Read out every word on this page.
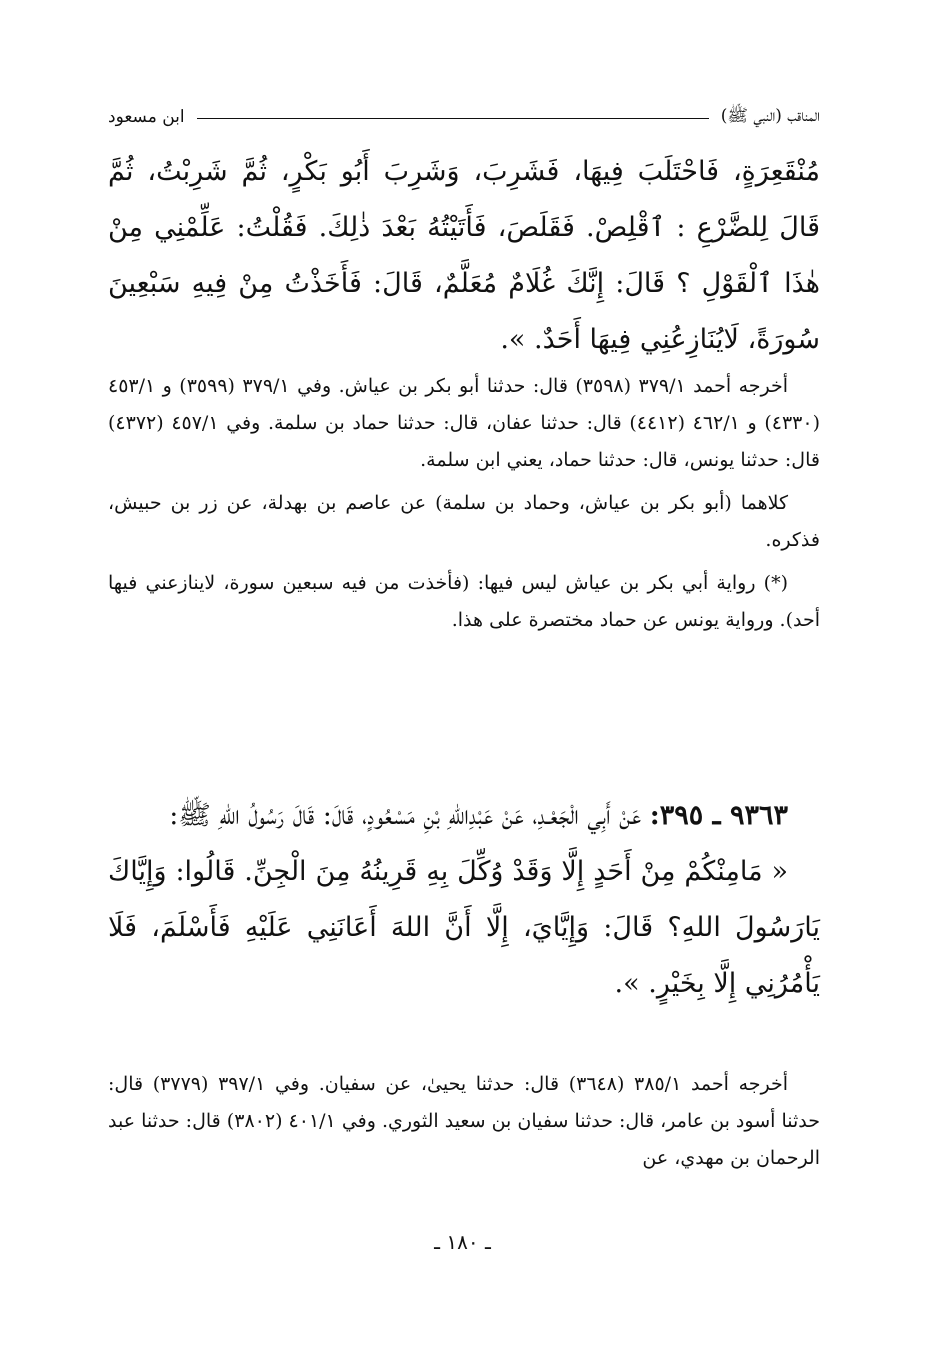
المناقب (النبي ﷺ)
ابن مسعود

مُنْقَعِرَةٍ، فَاحْتَلَبَ فِيهَا، فَشَرِبَ، وَشَرِبَ أَبُو بَكْرٍ، ثُمَّ شَرِبْتُ، ثُمَّ قَالَ لِلضَّرْعِ : ٱقْلِصْ. فَقَلَصَ، فَأَتَيْتُهُ بَعْدَ ذٰلِكَ. فَقُلْتُ: عَلِّمْنِي مِنْ هٰذَا ٱلْقَوْلِ ؟ قَالَ: إِنَّكَ غُلَامٌ مُعَلَّمٌ، قَالَ: فَأَخَذْتُ مِنْ فِيهِ سَبْعِينَ سُورَةً، لَايُنَازِعُنِي فِيهَا أَحَدٌ. ».

أخرجه أحمد ٣٧٩/١ (٣٥٩٨) قال: حدثنا أبو بكر بن عياش. وفي ٣٧٩/١ (٣٥٩٩) و ٤٥٣/١ (٤٣٣٠) و ٤٦٢/١ (٤٤١٢) قال: حدثنا عفان، قال: حدثنا حماد بن سلمة. وفي ٤٥٧/١ (٤٣٧٢) قال: حدثنا يونس، قال: حدثنا حماد، يعني ابن سلمة.

كلاهما (أبو بكر بن عياش، وحماد بن سلمة) عن عاصم بن بهدلة، عن زر بن حبيش، فذكره.

(*) رواية أبي بكر بن عياش ليس فيها: (فأخذت من فيه سبعين سورة، لاينازعني فيها أحد). ورواية يونس عن حماد مختصرة على هذا.

٩٣٦٣ ـ ٣٩٥: عَنْ أَبِي الْجَعْـدِ، عَنْ عَبْدِاللهِ بْنِ مَسْعُودٍ، قَالَ: قَالَ رَسُولُ اللهِ ﷺ:

« مَامِنْكُمْ مِنْ أَحَدٍ إِلَّا وَقَدْ وُكِّلَ بِهِ قَرِينُهُ مِنَ الْجِنِّ. قَالُوا: وَإِيَّاكَ يَارَسُولَ اللهِ؟ قَالَ: وَإِيَّايَ، إِلَّا أَنَّ اللهَ أَعَانَنِي عَلَيْهِ فَأَسْلَمَ، فَلَا يَأْمُرُنِي إِلَّا بِخَيْرٍ. ».

أخرجه أحمد ٣٨٥/١ (٣٦٤٨) قال: حدثنا يحيىٰ، عن سفيان. وفي ٣٩٧/١ (٣٧٧٩) قال: حدثنا أسود بن عامر، قال: حدثنا سفيان بن سعيد الثوري. وفي ٤٠١/١ (٣٨٠٢) قال: حدثنا عبد الرحمان بن مهدي، عن

ـ ١٨٠ ـ
